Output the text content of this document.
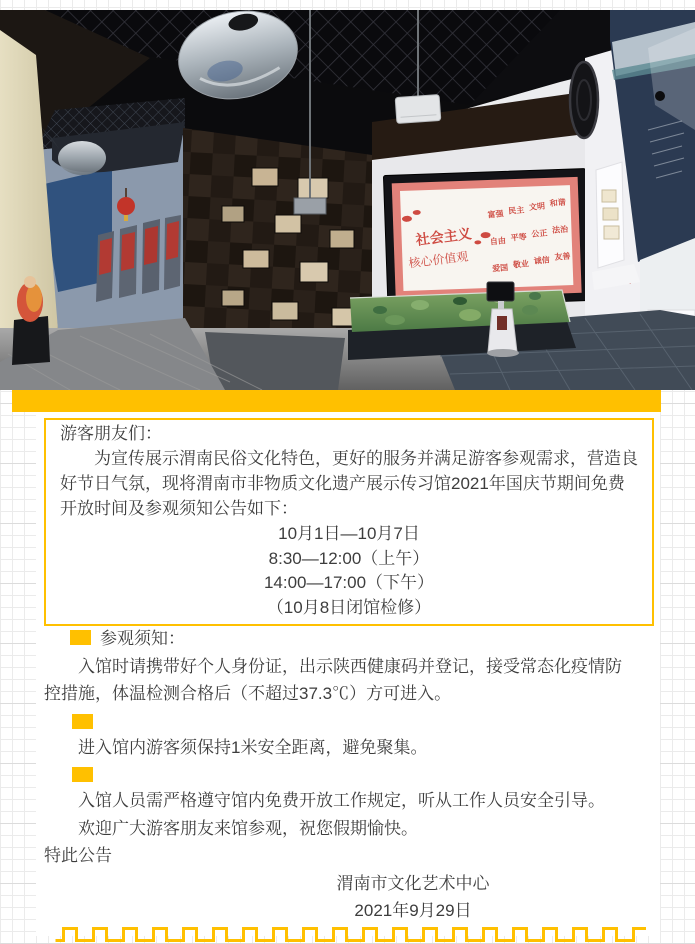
社会主义
核心价值观
富强 民主 文明 和谐
自由 平等 公正 法治
爱国 敬业 诚信 友善
游客朋友们：
为宣传展示渭南民俗文化特色，更好的服务并满足游客参观需求，营造良
好节日气氛，现将渭南市非物质文化遗产展示传习馆2021年国庆节期间免费
开放时间及参观须知公告如下：
10月1日—10月7日
8:30—12:00（上午）
14:00—17:00（下午）
（10月8日闭馆检修）
参观须知：
入馆时请携带好个人身份证，出示陕西健康码并登记，接受常态化疫情防
控措施，体温检测合格后（不超过37.3℃）方可进入。
进入馆内游客须保持1米安全距离，避免聚集。
入馆人员需严格遵守馆内免费开放工作规定，听从工作人员安全引导。
欢迎广大游客朋友来馆参观，祝您假期愉快。
特此公告
渭南市文化艺术中心
2021年9月29日
